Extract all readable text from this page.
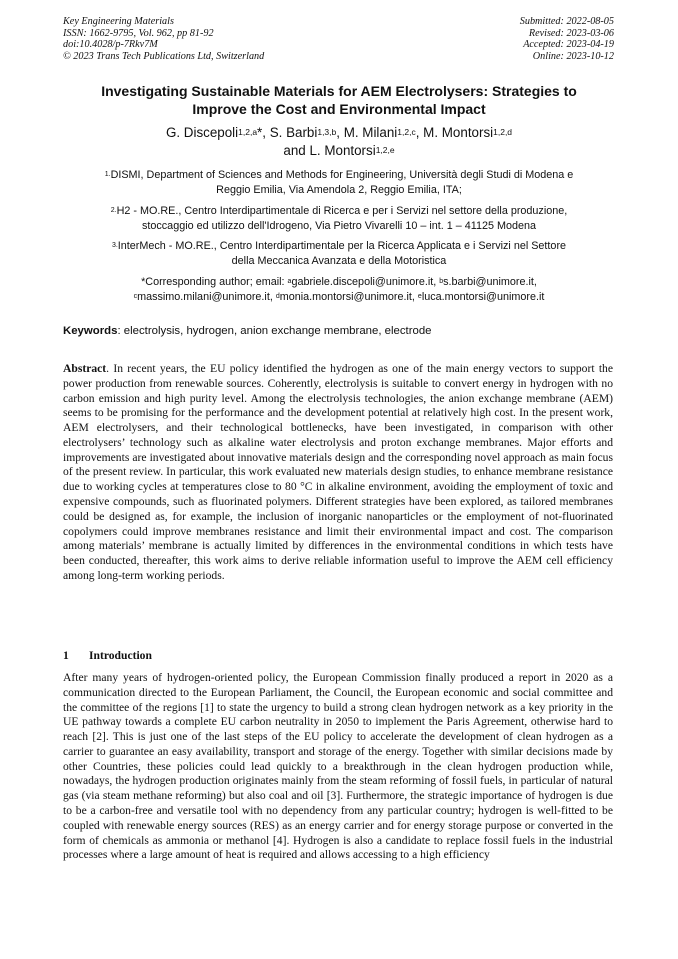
Key Engineering Materials
ISSN: 1662-9795, Vol. 962, pp 81-92
doi:10.4028/p-7Rkv7M
© 2023 Trans Tech Publications Ltd, Switzerland
Submitted: 2022-08-05
Revised: 2023-03-06
Accepted: 2023-04-19
Online: 2023-10-12
Investigating Sustainable Materials for AEM Electrolysers: Strategies to
Improve the Cost and Environmental Impact
G. Discepoli$^{1,2,a}$*, S. Barbi$^{1,3,b}$, M. Milani$^{1,2,c}$, M. Montorsi$^{1,2,d}$
and L. Montorsi$^{1,2,e}$
$^{1.}$DISMI, Department of Sciences and Methods for Engineering, Università degli Studi di Modena e
Reggio Emilia, Via Amendola 2, Reggio Emilia, ITA;
$^{2.}$H2 - MO.RE., Centro Interdipartimentale di Ricerca e per i Servizi nel settore della produzione,
stoccaggio ed utilizzo dell'Idrogeno, Via Pietro Vivarelli 10 – int. 1 – 41125 Modena
$^{3.}$InterMech - MO.RE., Centro Interdipartimentale per la Ricerca Applicata e i Servizi nel Settore
della Meccanica Avanzata e della Motoristica
*Corresponding author; email: $^a$gabriele.discepoli@unimore.it, $^b$s.barbi@unimore.it,
$^c$massimo.milani@unimore.it, $^d$monia.montorsi@unimore.it, $^e$luca.montorsi@unimore.it
Keywords: electrolysis, hydrogen, anion exchange membrane, electrode
Abstract. In recent years, the EU policy identified the hydrogen as one of the main energy vectors to support the power production from renewable sources. Coherently, electrolysis is suitable to convert energy in hydrogen with no carbon emission and high purity level. Among the electrolysis technologies, the anion exchange membrane (AEM) seems to be promising for the performance and the development potential at relatively high cost. In the present work, AEM electrolysers, and their technological bottlenecks, have been investigated, in comparison with other electrolysers’ technology such as alkaline water electrolysis and proton exchange membranes. Major efforts and improvements are investigated about innovative materials design and the corresponding novel approach as main focus of the present review. In particular, this work evaluated new materials design studies, to enhance membrane resistance due to working cycles at temperatures close to 80 °C in alkaline environment, avoiding the employment of toxic and expensive compounds, such as fluorinated polymers. Different strategies have been explored, as tailored membranes could be designed as, for example, the inclusion of inorganic nanoparticles or the employment of not-fluorinated copolymers could improve membranes resistance and limit their environmental impact and cost. The comparison among materials’ membrane is actually limited by differences in the environmental conditions in which tests have been conducted, thereafter, this work aims to derive reliable information useful to improve the AEM cell efficiency among long-term working periods.
1 Introduction
After many years of hydrogen-oriented policy, the European Commission finally produced a report in 2020 as a communication directed to the European Parliament, the Council, the European economic and social committee and the committee of the regions [1] to state the urgency to build a strong clean hydrogen network as a key priority in the UE pathway towards a complete EU carbon neutrality in 2050 to implement the Paris Agreement, otherwise hard to reach [2]. This is just one of the last steps of the EU policy to accelerate the development of clean hydrogen as a carrier to guarantee an easy availability, transport and storage of the energy. Together with similar decisions made by other Countries, these policies could lead quickly to a breakthrough in the clean hydrogen production while, nowadays, the hydrogen production originates mainly from the steam reforming of fossil fuels, in particular of natural gas (via steam methane reforming) but also coal and oil [3]. Furthermore, the strategic importance of hydrogen is due to be a carbon-free and versatile tool with no dependency from any particular country; hydrogen is well-fitted to be coupled with renewable energy sources (RES) as an energy carrier and for energy storage purpose or converted in the form of chemicals as ammonia or methanol [4]. Hydrogen is also a candidate to replace fossil fuels in the industrial processes where a large amount of heat is required and allows accessing to a high efficiency
